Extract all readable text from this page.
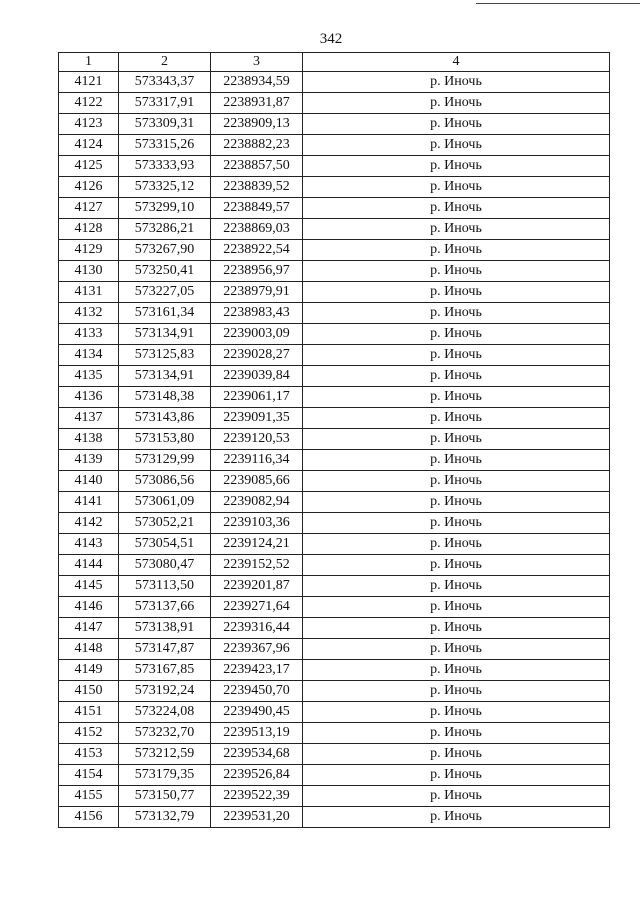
342
1	2	3	4
4121	573343,37	2238934,59	р. Иночь
4122	573317,91	2238931,87	р. Иночь
4123	573309,31	2238909,13	р. Иночь
4124	573315,26	2238882,23	р. Иночь
4125	573333,93	2238857,50	р. Иночь
4126	573325,12	2238839,52	р. Иночь
4127	573299,10	2238849,57	р. Иночь
4128	573286,21	2238869,03	р. Иночь
4129	573267,90	2238922,54	р. Иночь
4130	573250,41	2238956,97	р. Иночь
4131	573227,05	2238979,91	р. Иночь
4132	573161,34	2238983,43	р. Иночь
4133	573134,91	2239003,09	р. Иночь
4134	573125,83	2239028,27	р. Иночь
4135	573134,91	2239039,84	р. Иночь
4136	573148,38	2239061,17	р. Иночь
4137	573143,86	2239091,35	р. Иночь
4138	573153,80	2239120,53	р. Иночь
4139	573129,99	2239116,34	р. Иночь
4140	573086,56	2239085,66	р. Иночь
4141	573061,09	2239082,94	р. Иночь
4142	573052,21	2239103,36	р. Иночь
4143	573054,51	2239124,21	р. Иночь
4144	573080,47	2239152,52	р. Иночь
4145	573113,50	2239201,87	р. Иночь
4146	573137,66	2239271,64	р. Иночь
4147	573138,91	2239316,44	р. Иночь
4148	573147,87	2239367,96	р. Иночь
4149	573167,85	2239423,17	р. Иночь
4150	573192,24	2239450,70	р. Иночь
4151	573224,08	2239490,45	р. Иночь
4152	573232,70	2239513,19	р. Иночь
4153	573212,59	2239534,68	р. Иночь
4154	573179,35	2239526,84	р. Иночь
4155	573150,77	2239522,39	р. Иночь
4156	573132,79	2239531,20	р. Иночь
